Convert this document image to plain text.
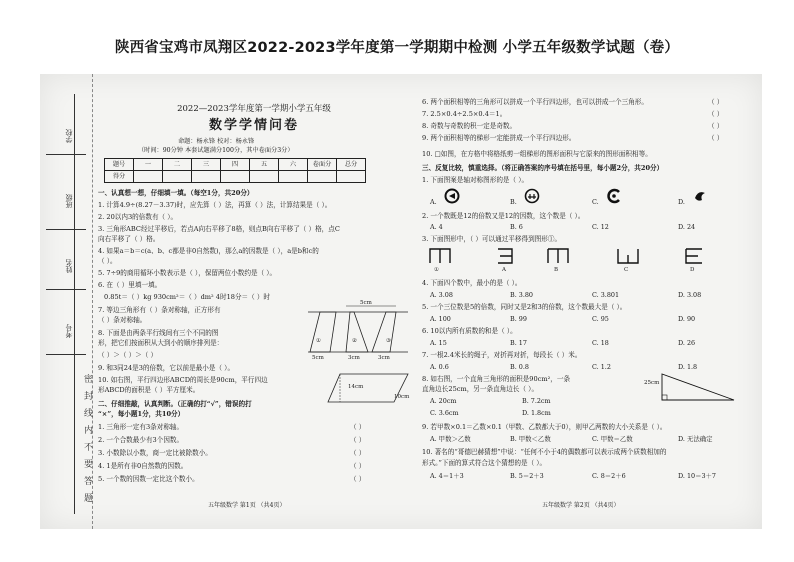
陕西省宝鸡市凤翔区2022-2023学年度第一学期期中检测 小学五年级数学试题（卷）
学校
班级
姓名
考号
密封线内不要答题
2022—2023学年度第一学期小学五年级
数学学情问卷
命题：杨永锋 校对：杨永锋
（时间：90分钟 本套试题满分100分，其中卷面分3分）
题号	一	二	三	四	五	六	卷面分	总分
得分								
一、认真想一想，仔细填一填。（每空1分，共20分）
1. 计算4.9÷(8.27－3.37)时，应先算（ ）法，再算（ ）法，计算结果是（ ）。
2. 20以内3的倍数有（ ）。
3. 三角形ABC经过平移后，若点A向右平移了8格，则点B向右平移了（ ）格，点C
向右平移了（ ）格。
4. 如果a＝b＝c(a、b、c都是非0自然数)，那么a的因数是（ ），a是b和c的
（ ）。
5. 7÷9的商用循环小数表示是（ ），保留两位小数约是（ ）。
6. 在（ ）里填一填。
0.85t＝（ ）kg 930cm²＝（ ）dm² 4时18分＝（ ）时
7. 等边三角形有（ ）条对称轴，正方形有
（ ）条对称轴。
8. 下面是由两条平行线间有三个不同的图
形，把它们按面积从大到小的顺序排列是：
（ ）＞（ ）＞（ ）
5cm
①	②	③
5cm	3cm	3cm
9. 和3同24是3的倍数，它以前是最小是（ ）。
10. 如右图，平行四边形ABCD的周长是90cm，平行四边
形ABCD的面积是（ ）平方厘米。	14cm
10cm
二、仔细推敲，认真判断。（正确的打“√”，错误的打
“×”，每小题1分，共10分）
1. 三角形一定有3条对称轴。
2. 一个合数最少有3个因数。
3. 小数除以小数，商一定比被除数小。
4. 1是所有非0自然数的因数。
5. 一个数的因数一定比这个数小。
（ ）
（ ）
（ ）
（ ）
（ ）
五年级数学 第1页 （共4页）
6. 两个面积相等的三角形可以拼成一个平行四边形，也可以拼成一个三角形。
7. 2.5×0.4÷2.5×0.4＝1。
8. 奇数与奇数的积一定是奇数。
9. 两个面积相等的梯形一定能拼成一个平行四边形。
10. □如图，在方格中将格纸剪一组梯形的图形面积与它原来的图形面积相等。
（ ）
（ ）
（ ）
（ ）
三、反复比较，慎重选择。（将正确答案的序号填在括号里，每小题2分，共20分）
1. 下面图案是轴对称图形的是（ ）。
A.	B.	C.	D.
2. 一个数既是12的倍数又是12的因数，这个数是（ ）。
A. 4	B. 6	C. 12	D. 24
3. 下面图形中，（ ）可以通过平移得到图形①。
①	A	B	C	D
4. 下面四个数中，最小的是（ ）。
A. 3.08	B. 3.80	C. 3.801	D. 3.08
5. 一个三位数是5的倍数，同时又是2和3的倍数，这个数最大是（ ）。
A. 100	B. 99	C. 95	D. 90
6. 10以内所有质数的和是（ ）。
A. 15	B. 17	C. 18	D. 26
7. 一根2.4米长的绳子，对折再对折，每段长（ ）米。
A. 0.6	B. 0.8	C. 1.2	D. 1.8
8. 如右图，一个直角三角形的面积是90cm²，一条
直角边长25cm，另一条直角边长（ ）。
A. 20cm	B. 7.2cm
C. 3.6cm	D. 1.8cm
25cm
9. 若甲数×0.1＝乙数×0.1（甲数、乙数都大于0），则甲乙两数的大小关系是（ ）。
A. 甲数＞乙数	B. 甲数＜乙数	C. 甲数＝乙数	D. 无法确定
10. 著名的“哥德巴赫猜想”中说：“任何不小于4的偶数都可以表示成两个质数相加的
形式。”下面的算式符合这个猜想的是（ ）。
A. 4＝1＋3	B. 5＝2＋3	C. 8＝2＋6	D. 10＝3＋7
五年级数学 第2页 （共4页）
